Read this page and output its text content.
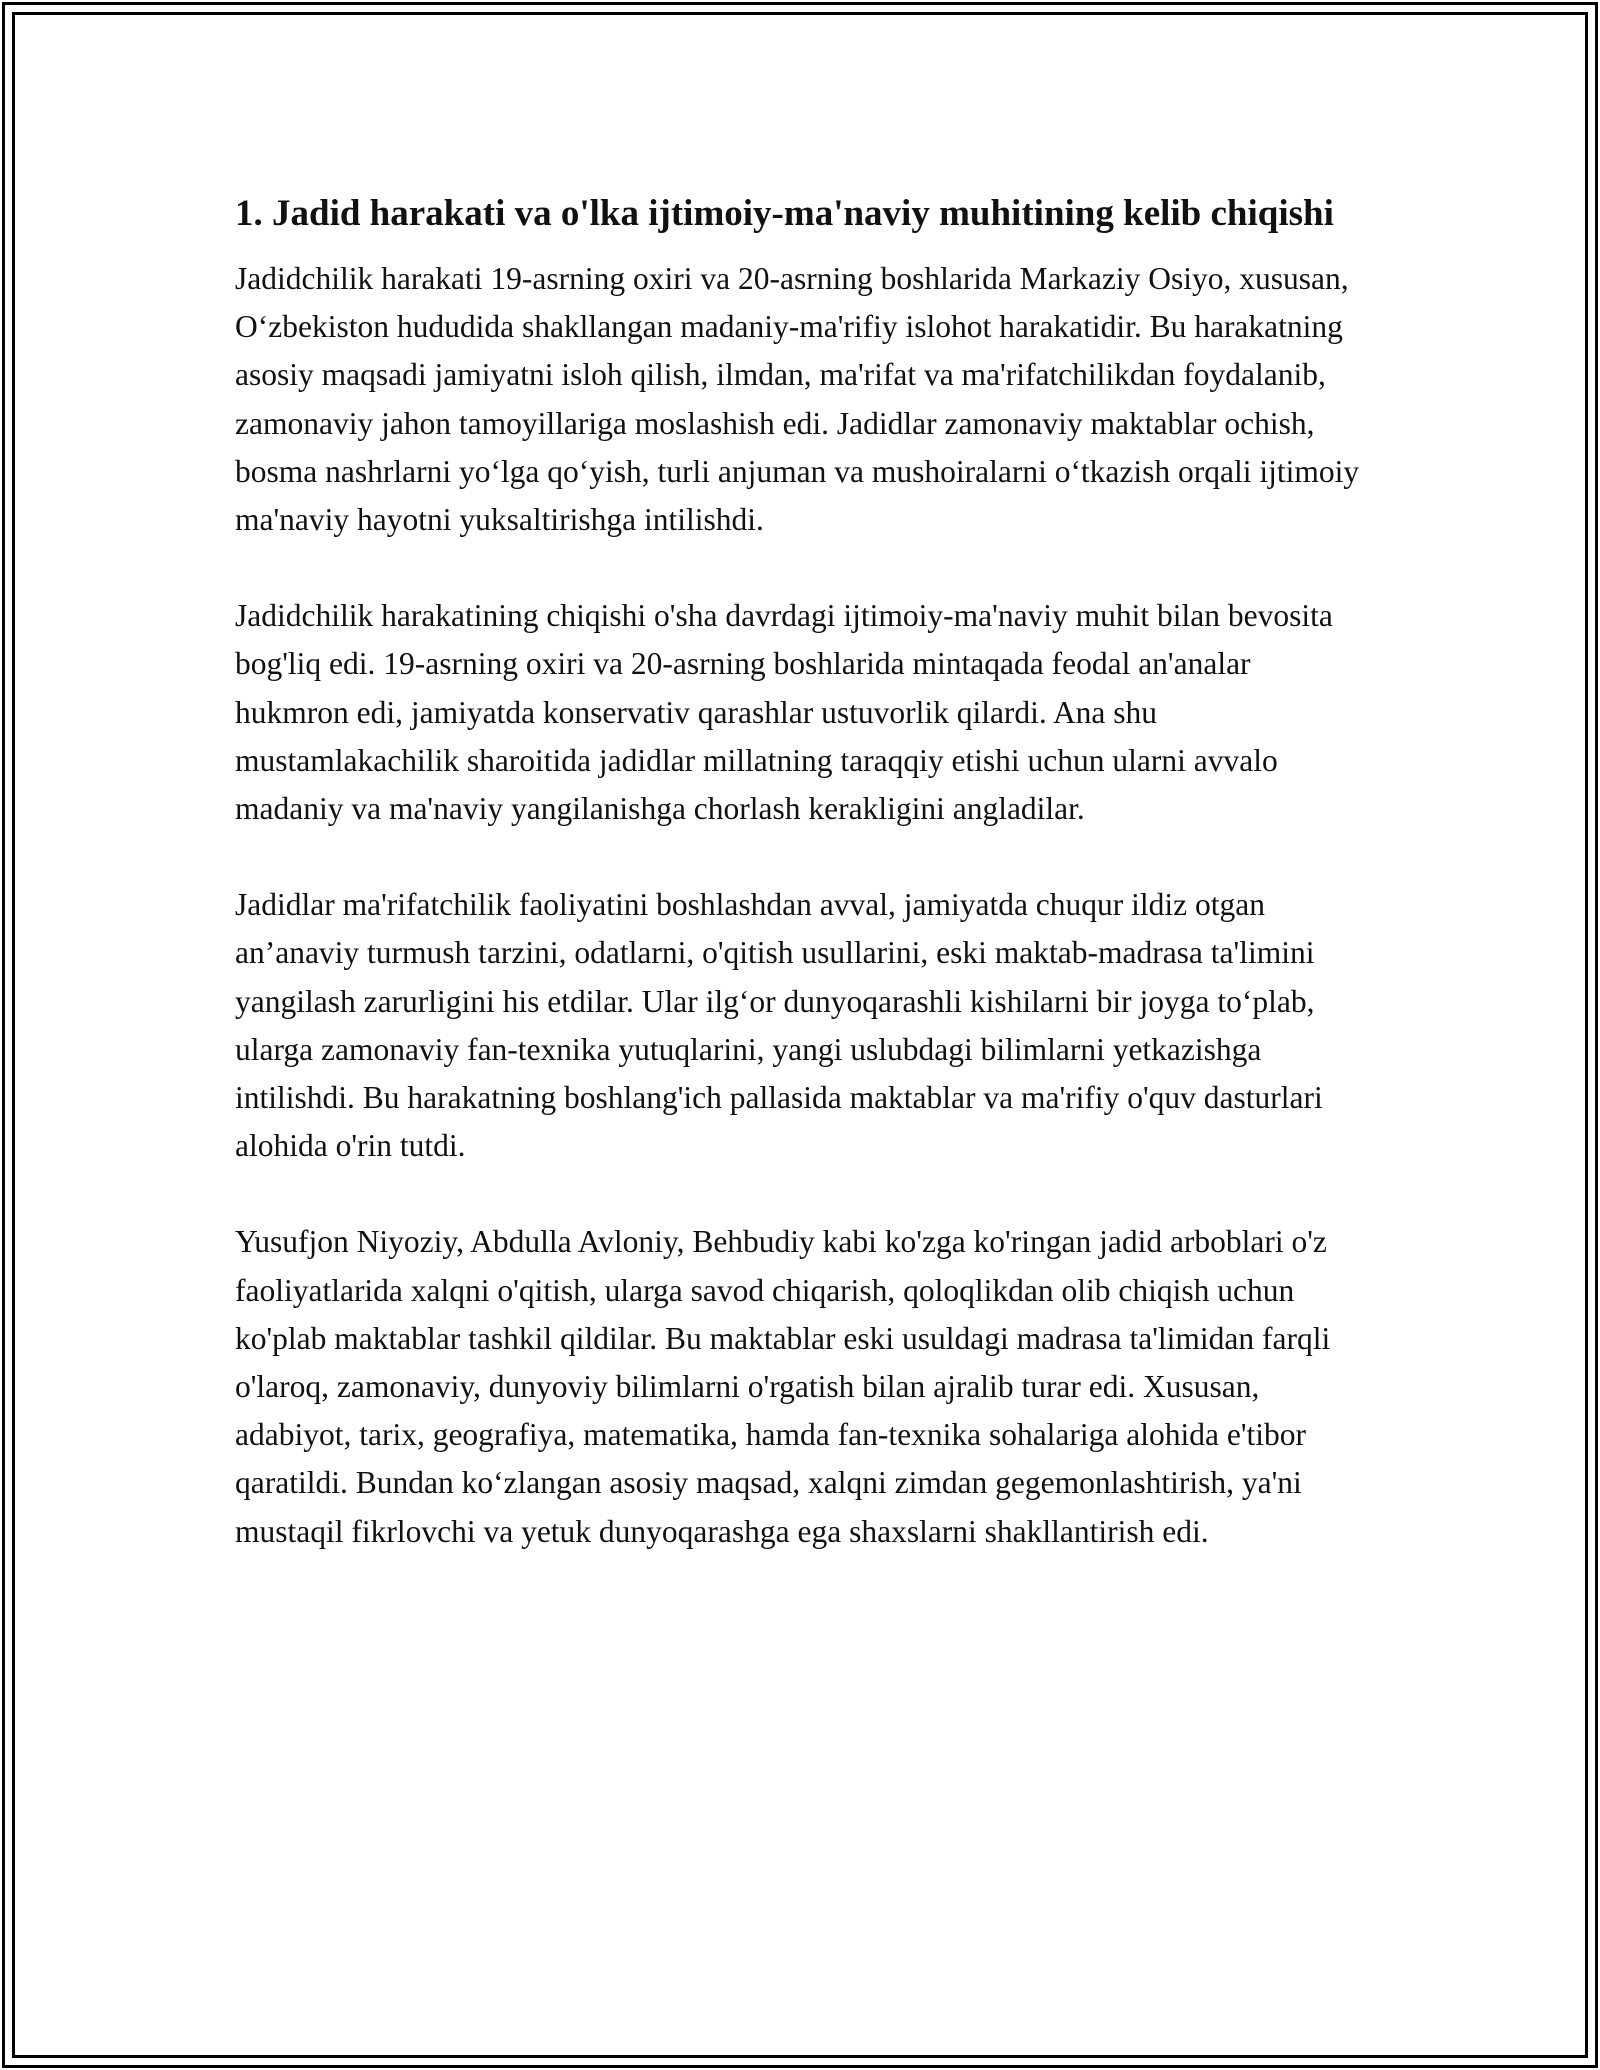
1. Jadid harakati va o'lka ijtimoiy-ma'naviy muhitining kelib chiqishi

Jadidchilik harakati 19-asrning oxiri va 20-asrning boshlarida Markaziy Osiyo, xususan, O‘zbekiston hududida shakllangan madaniy-ma'rifiy islohot harakatidir. Bu harakatning asosiy maqsadi jamiyatni isloh qilish, ilmdan, ma'rifat va ma'rifatchilikdan foydalanib, zamonaviy jahon tamoyillariga moslashish edi. Jadidlar zamonaviy maktablar ochish, bosma nashrlarni yo‘lga qo‘yish, turli anjuman va mushoiralarni o‘tkazish orqali ijtimoiy ma'naviy hayotni yuksaltirishga intilishdi.

Jadidchilik harakatining chiqishi o'sha davrdagi ijtimoiy-ma'naviy muhit bilan bevosita bog'liq edi. 19-asrning oxiri va 20-asrning boshlarida mintaqada feodal an'analar hukmron edi, jamiyatda konservativ qarashlar ustuvorlik qilardi. Ana shu mustamlakachilik sharoitida jadidlar millatning taraqqiy etishi uchun ularni avvalo madaniy va ma'naviy yangilanishga chorlash kerakligini angladilar.

Jadidlar ma'rifatchilik faoliyatini boshlashdan avval, jamiyatda chuqur ildiz otgan an’anaviy turmush tarzini, odatlarni, o'qitish usullarini, eski maktab-madrasa ta'limini yangilash zarurligini his etdilar. Ular ilg‘or dunyoqarashli kishilarni bir joyga to‘plab, ularga zamonaviy fan-texnika yutuqlarini, yangi uslubdagi bilimlarni yetkazishga intilishdi. Bu harakatning boshlang'ich pallasida maktablar va ma'rifiy o'quv dasturlari alohida o'rin tutdi.

Yusufjon Niyoziy, Abdulla Avloniy, Behbudiy kabi ko'zga ko'ringan jadid arboblari o'z faoliyatlarida xalqni o'qitish, ularga savod chiqarish, qoloqlikdan olib chiqish uchun ko'plab maktablar tashkil qildilar. Bu maktablar eski usuldagi madrasa ta'limidan farqli o'laroq, zamonaviy, dunyoviy bilimlarni o'rgatish bilan ajralib turar edi. Xususan, adabiyot, tarix, geografiya, matematika, hamda fan-texnika sohalariga alohida e'tibor qaratildi. Bundan ko‘zlangan asosiy maqsad, xalqni zimdan gegemonlashtirish, ya'ni mustaqil fikrlovchi va yetuk dunyoqarashga ega shaxslarni shakllantirish edi.
